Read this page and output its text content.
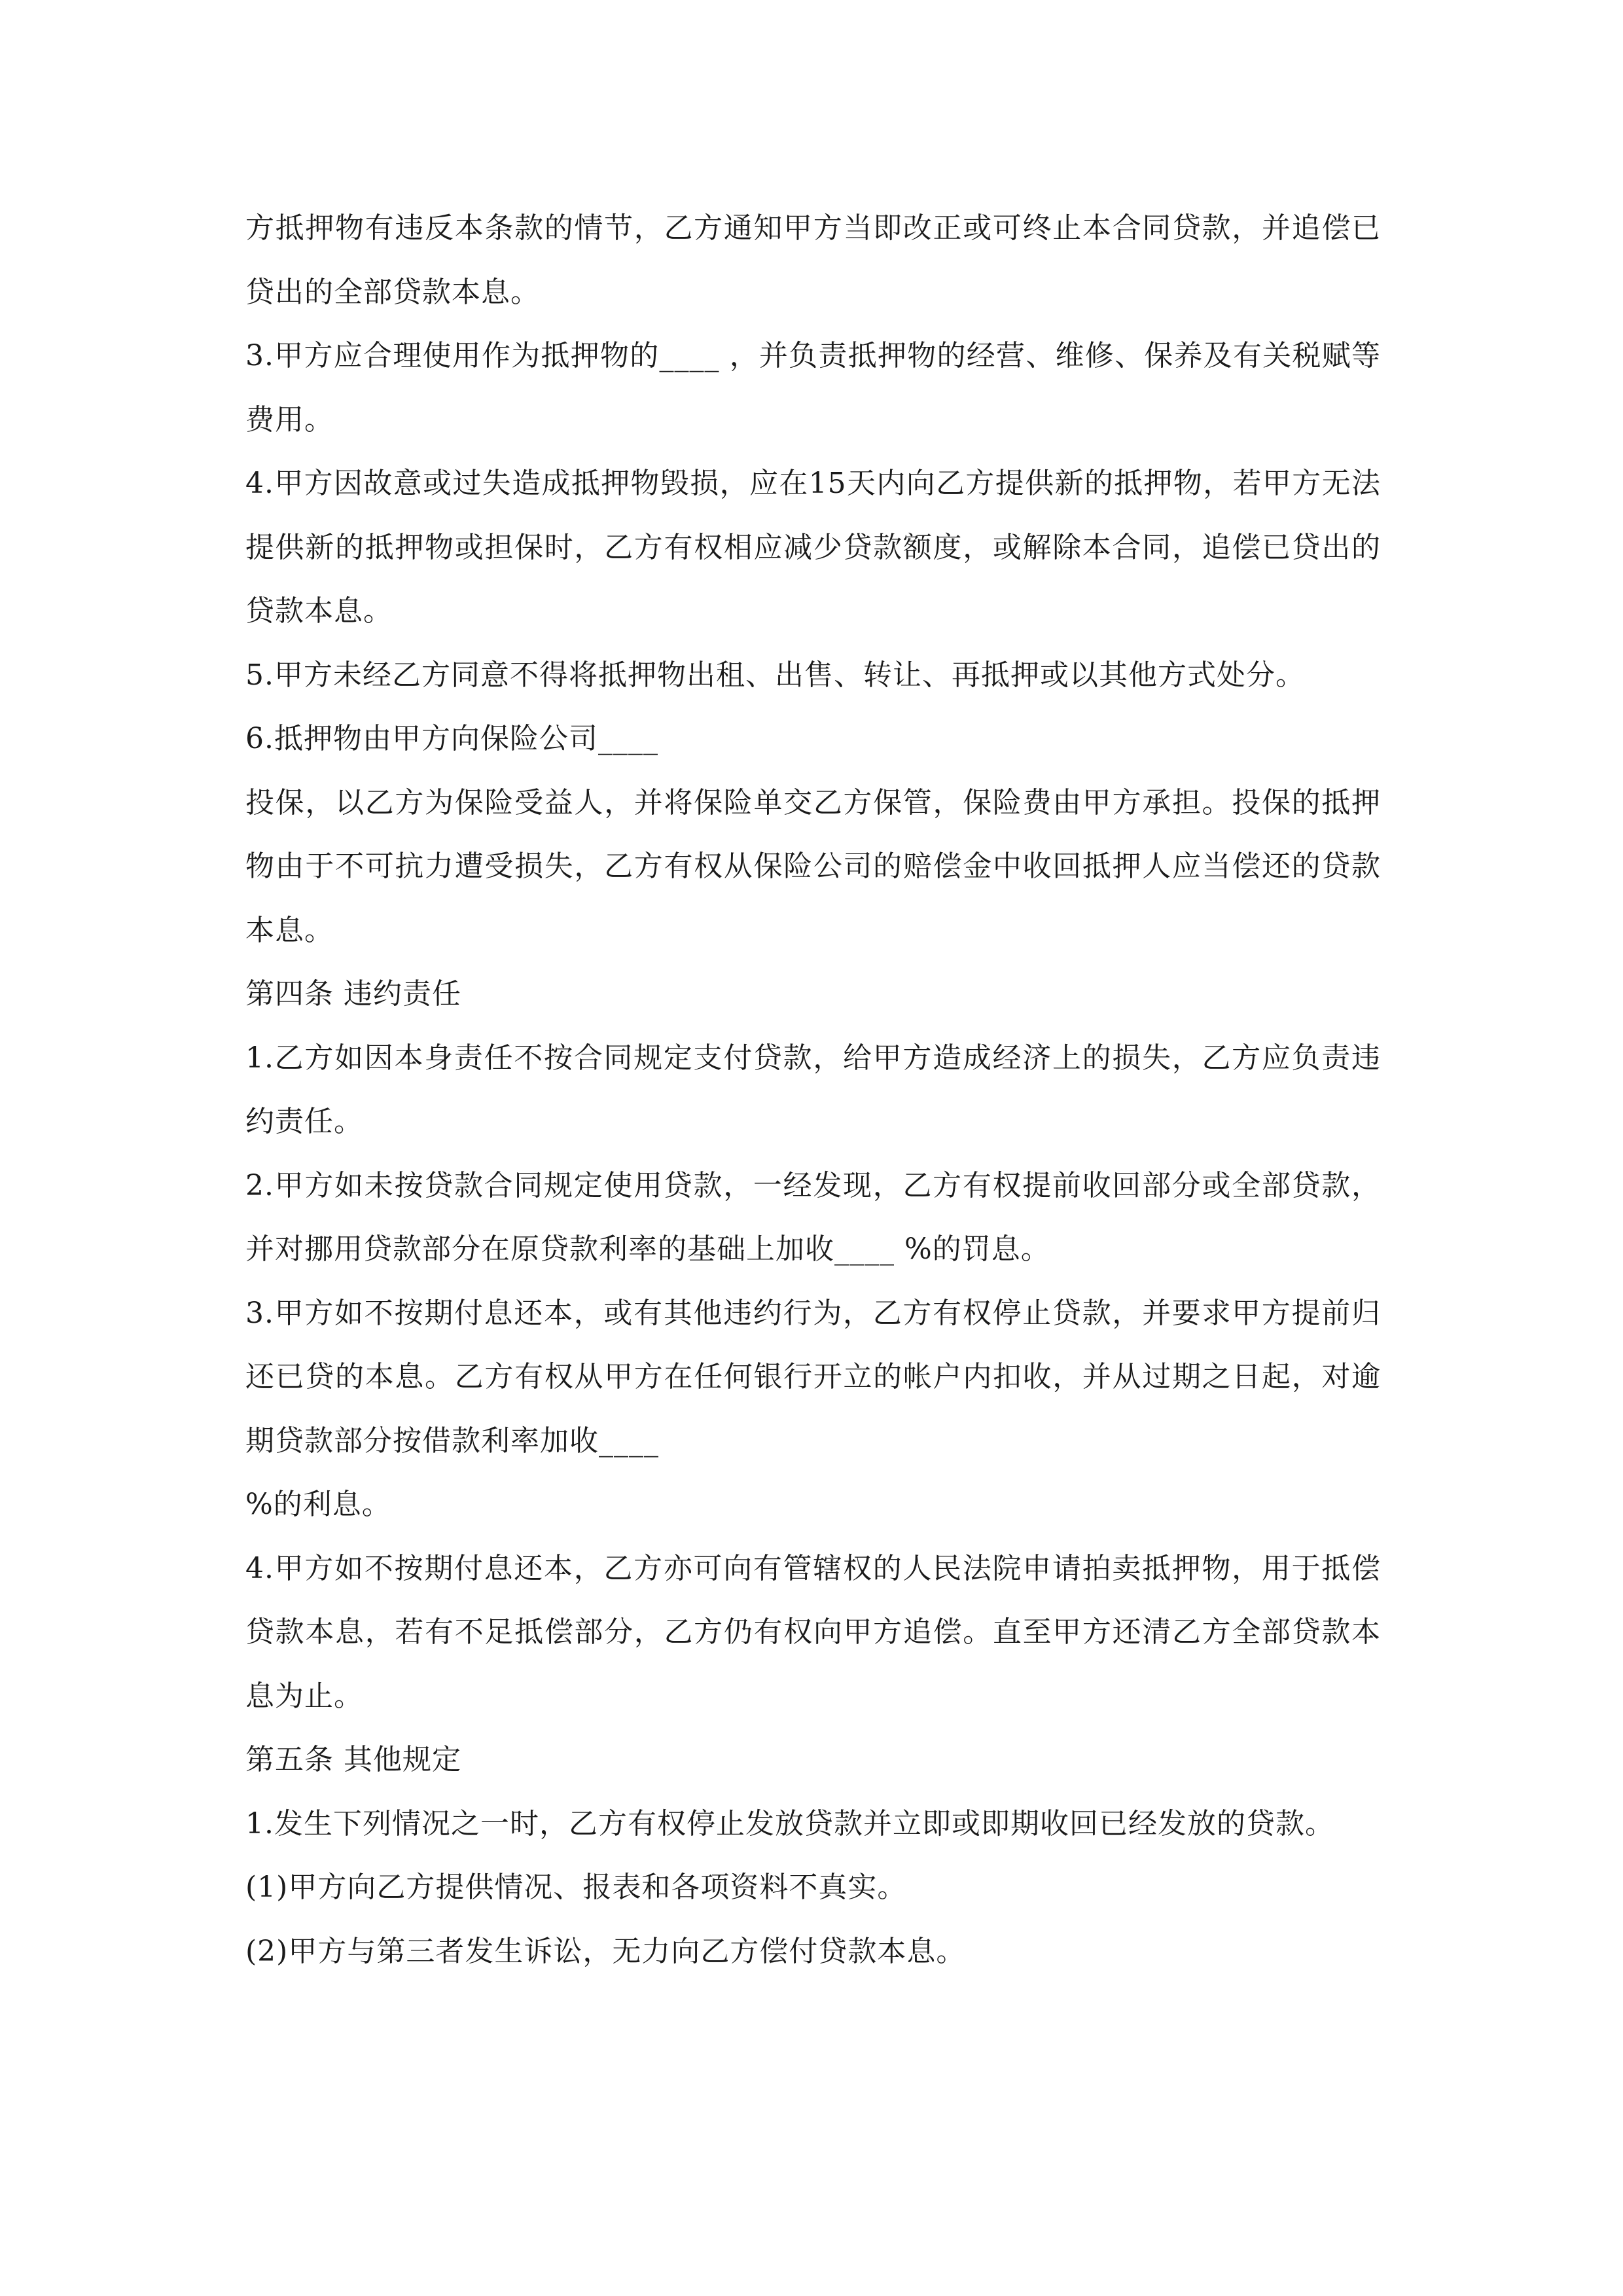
方抵押物有违反本条款的情节，乙方通知甲方当即改正或可终止本合同贷款，并追偿已贷出的全部贷款本息。

3.甲方应合理使用作为抵押物的____ ，并负责抵押物的经营、维修、保养及有关税赋等费用。

4.甲方因故意或过失造成抵押物毁损，应在15天内向乙方提供新的抵押物，若甲方无法提供新的抵押物或担保时，乙方有权相应减少贷款额度，或解除本合同，追偿已贷出的贷款本息。

5.甲方未经乙方同意不得将抵押物出租、出售、转让、再抵押或以其他方式处分。

6.抵押物由甲方向保险公司____

投保，以乙方为保险受益人，并将保险单交乙方保管，保险费由甲方承担。投保的抵押物由于不可抗力遭受损失，乙方有权从保险公司的赔偿金中收回抵押人应当偿还的贷款本息。

第四条 违约责任

1.乙方如因本身责任不按合同规定支付贷款，给甲方造成经济上的损失，乙方应负责违约责任。

2.甲方如未按贷款合同规定使用贷款，一经发现，乙方有权提前收回部分或全部贷款，并对挪用贷款部分在原贷款利率的基础上加收____ %的罚息。

3.甲方如不按期付息还本，或有其他违约行为，乙方有权停止贷款，并要求甲方提前归还已贷的本息。乙方有权从甲方在任何银行开立的帐户内扣收，并从过期之日起，对逾期贷款部分按借款利率加收____

%的利息。

4.甲方如不按期付息还本，乙方亦可向有管辖权的人民法院申请拍卖抵押物，用于抵偿贷款本息，若有不足抵偿部分，乙方仍有权向甲方追偿。直至甲方还清乙方全部贷款本息为止。

第五条 其他规定

1.发生下列情况之一时，乙方有权停止发放贷款并立即或即期收回已经发放的贷款。

(1)甲方向乙方提供情况、报表和各项资料不真实。

(2)甲方与第三者发生诉讼，无力向乙方偿付贷款本息。
